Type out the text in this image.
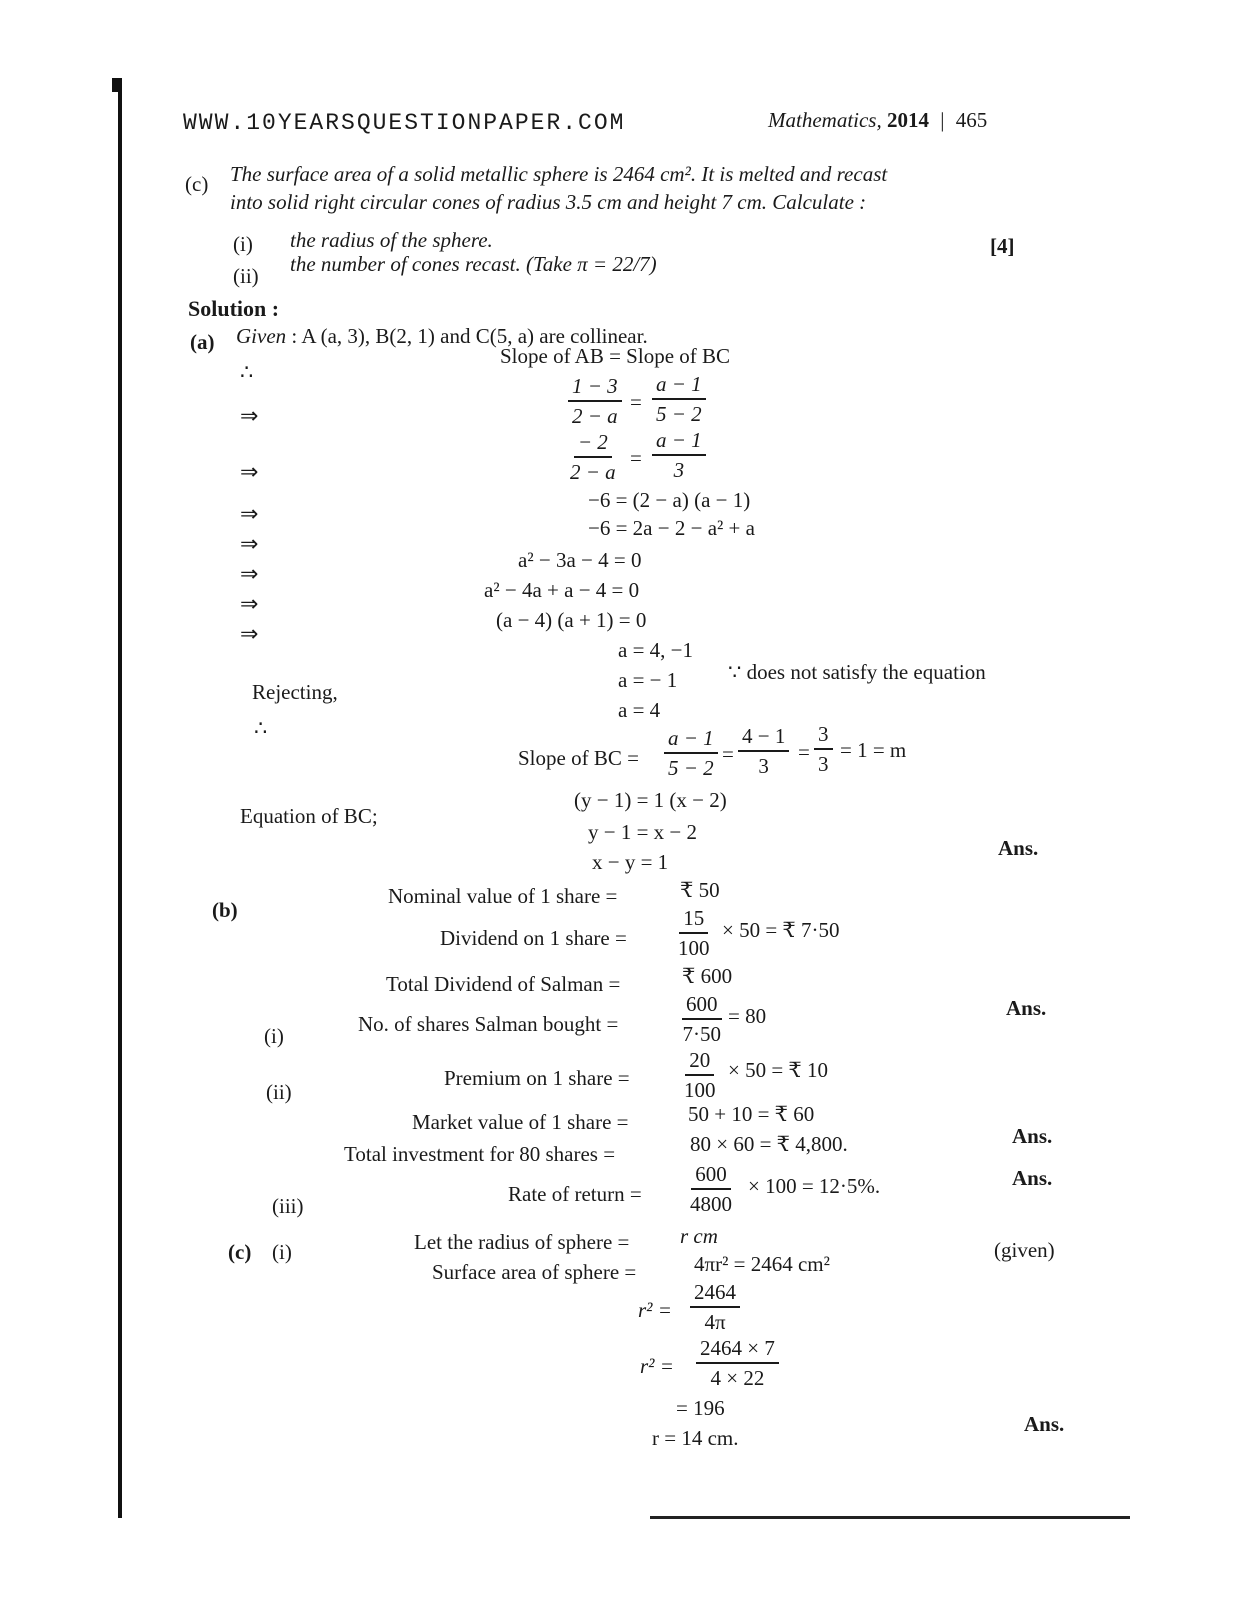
WWW.10YEARSQUESTIONPAPER.COM	Mathematics, 2014 | 465
(c) The surface area of a solid metallic sphere is 2464 cm². It is melted and recast
into solid right circular cones of radius 3.5 cm and height 7 cm. Calculate :
(i) the radius of the sphere.
(ii) the number of cones recast. (Take π = 22/7)
[4]
Solution :
(a) Given : A (a, 3), B(2, 1) and C(5, a) are collinear.
∴
Slope of AB = Slope of BC
⇒	$\frac{1 - 3}{2 - a} = \frac{a - 1}{5 - 2}$
⇒	$\frac{- 2}{2 - a} = \frac{a - 1}{3}$
⇒
−6 = (2 − a) (a − 1)
⇒
−6 = 2a − 2 − a² + a
⇒
a² − 3a − 4 = 0
⇒
a² − 4a + a − 4 = 0
⇒
(a − 4) (a + 1) = 0
a = 4, −1
a = − 1 ∵ does not satisfy the equation
Rejecting,
a = 4
∴
Slope of BC = $\frac{a - 1}{5 - 2} = \frac{4 - 1}{3} = \frac{3}{3} = 1 = m$
Equation of BC;
(y − 1) = 1 (x − 2)
y − 1 = x − 2
x − y = 1
Ans.
(b)
Nominal value of 1 share =	₹ 50
Dividend on 1 share = $\frac{15}{100} \times 50$ = ₹ 7·50
Total Dividend of Salman =	₹ 600
(i)	No. of shares Salman bought =	$\frac{600}{7\cdot 50} = 80$	Ans.
(ii)
Premium on 1 share =	$\frac{20}{100} \times 50$ = ₹ 10
Market value of 1 share =	50 + 10 = ₹ 60
Total investment for 80 shares =	80 × 60 = ₹ 4,800.	Ans.
(iii)	Rate of return = $\frac{600}{4800} \times 100 = 12\cdot 5\%$.	Ans.
(c) (i)	Let the radius of sphere = r cm
Surface area of sphere =	4πr² = 2464 cm²
(given)
$r^2 = \frac{2464}{4\pi}$
$r^2 = \frac{2464 \times 7}{4 \times 22}$
= 196
r = 14 cm.
Ans.
